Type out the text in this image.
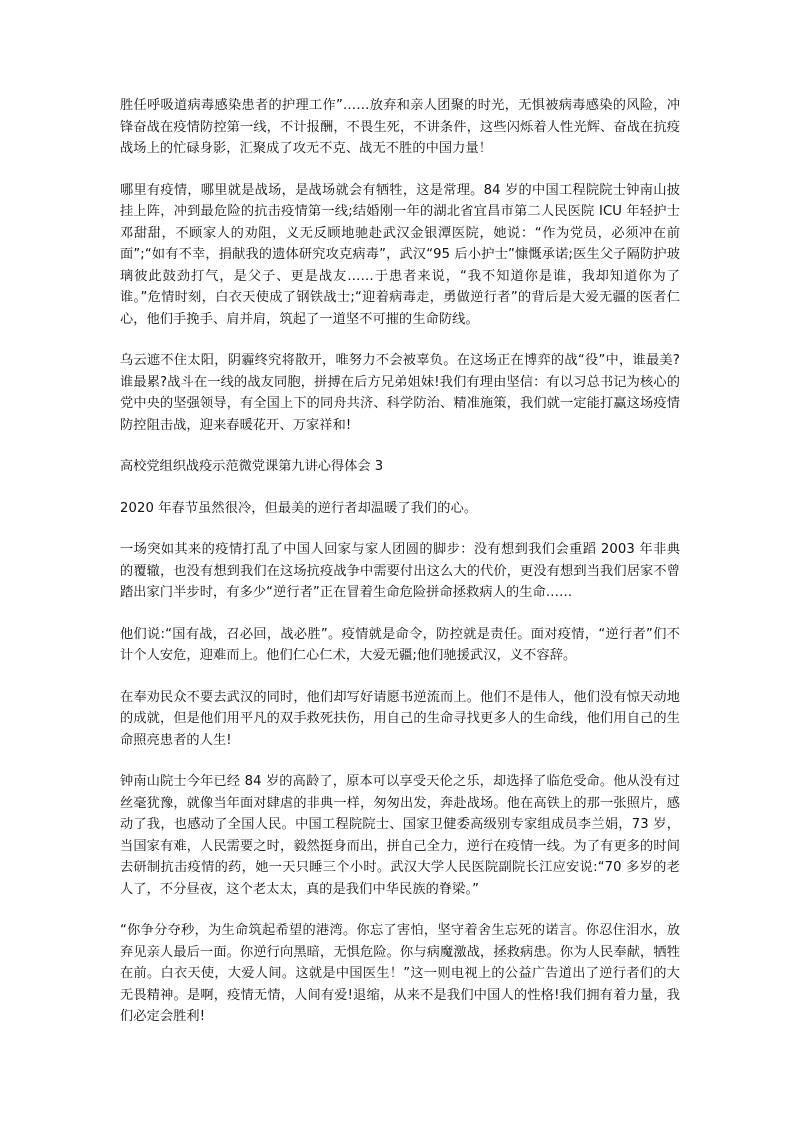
胜任呼吸道病毒感染患者的护理工作”……放弃和亲人团聚的时光，无惧被病毒感染的风险，冲锋奋战在疫情防控第一线，不计报酬，不畏生死，不讲条件，这些闪烁着人性光辉、奋战在抗疫战场上的忙碌身影，汇聚成了攻无不克、战无不胜的中国力量！

哪里有疫情，哪里就是战场，是战场就会有牺牲，这是常理。84 岁的中国工程院院士钟南山披挂上阵，冲到最危险的抗击疫情第一线;结婚刚一年的湖北省宜昌市第二人民医院 ICU 年轻护士邓甜甜，不顾家人的劝阻，义无反顾地驰赴武汉金银潭医院，她说：“作为党员，必须冲在前面”;“如有不幸，捐献我的遗体研究攻克病毒”，武汉“95 后小护士”慷慨承诺;医生父子隔防护玻璃彼此鼓劲打气，是父子、更是战友……于患者来说，“我不知道你是谁，我却知道你为了谁。”危情时刻，白衣天使成了钢铁战士;“迎着病毒走，勇做逆行者”的背后是大爱无疆的医者仁心，他们手挽手、肩并肩，筑起了一道坚不可摧的生命防线。

乌云遮不住太阳，阴霾终究将散开，唯努力不会被辜负。在这场正在博弈的战“役”中，谁最美?谁最累?战斗在一线的战友同胞，拼搏在后方兄弟姐妹!我们有理由坚信：有以习总书记为核心的党中央的坚强领导，有全国上下的同舟共济、科学防治、精准施策，我们就一定能打赢这场疫情防控阻击战，迎来春暖花开、万家祥和!

高校党组织战疫示范微党课第九讲心得体会 3

2020 年春节虽然很冷，但最美的逆行者却温暖了我们的心。

一场突如其来的疫情打乱了中国人回家与家人团圆的脚步：没有想到我们会重蹈 2003 年非典的覆辙，也没有想到我们在这场抗疫战争中需要付出这么大的代价，更没有想到当我们居家不曾踏出家门半步时，有多少“逆行者”正在冒着生命危险拼命拯救病人的生命……

他们说:“国有战，召必回，战必胜”。疫情就是命令，防控就是责任。面对疫情，“逆行者”们不计个人安危，迎难而上。他们仁心仁术，大爱无疆;他们驰援武汉，义不容辞。

在奉劝民众不要去武汉的同时，他们却写好请愿书逆流而上。他们不是伟人，他们没有惊天动地的成就，但是他们用平凡的双手救死扶伤，用自己的生命寻找更多人的生命线，他们用自己的生命照亮患者的人生!

钟南山院士今年已经 84 岁的高龄了，原本可以享受天伦之乐，却选择了临危受命。他从没有过丝毫犹豫，就像当年面对肆虐的非典一样，匆匆出发，奔赴战场。他在高铁上的那一张照片，感动了我，也感动了全国人民。中国工程院院士、国家卫健委高级别专家组成员李兰娟，73 岁，当国家有难，人民需要之时，毅然挺身而出，拼自己全力，逆行在疫情一线。为了有更多的时间去研制抗击疫情的药，她一天只睡三个小时。武汉大学人民医院副院长江应安说:“70 多岁的老人了，不分昼夜，这个老太太，真的是我们中华民族的脊梁。”

“你争分夺秒，为生命筑起希望的港湾。你忘了害怕，坚守着舍生忘死的诺言。你忍住泪水，放弃见亲人最后一面。你逆行向黑暗，无惧危险。你与病魔激战，拯救病患。你为人民奉献，牺牲在前。白衣天使，大爱人间。这就是中国医生！”这一则电视上的公益广告道出了逆行者们的大无畏精神。是啊，疫情无情，人间有爱!退缩，从来不是我们中国人的性格!我们拥有着力量，我们必定会胜利!
